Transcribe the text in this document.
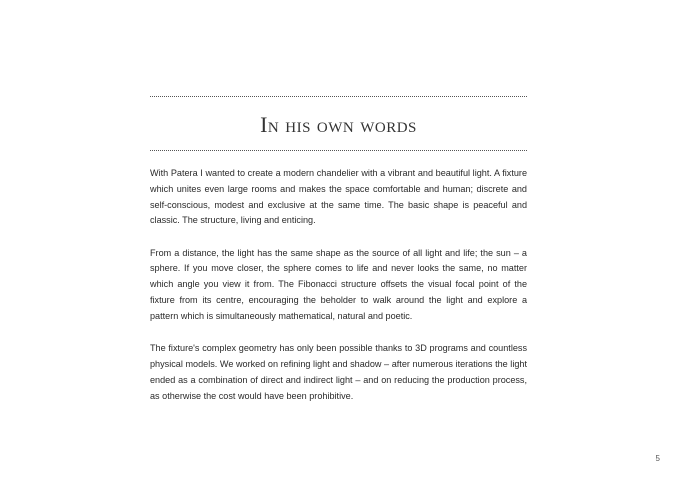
In his own words

With Patera I wanted to create a modern chandelier with a vibrant and beautiful light. A fixture which unites even large rooms and makes the space comfortable and human; discrete and self-conscious, modest and exclusive at the same time. The basic shape is peaceful and classic. The structure, living and enticing.

From a distance, the light has the same shape as the source of all light and life; the sun – a sphere. If you move closer, the sphere comes to life and never looks the same, no matter which angle you view it from. The Fibonacci structure offsets the visual focal point of the fixture from its centre, encouraging the beholder to walk around the light and explore a pattern which is simultaneously mathematical, natural and poetic.

The fixture's complex geometry has only been possible thanks to 3D programs and countless physical models. We worked on refining light and shadow – after numerous iterations the light ended as a combination of direct and indirect light – and on reducing the production process, as otherwise the cost would have been prohibitive.

5
